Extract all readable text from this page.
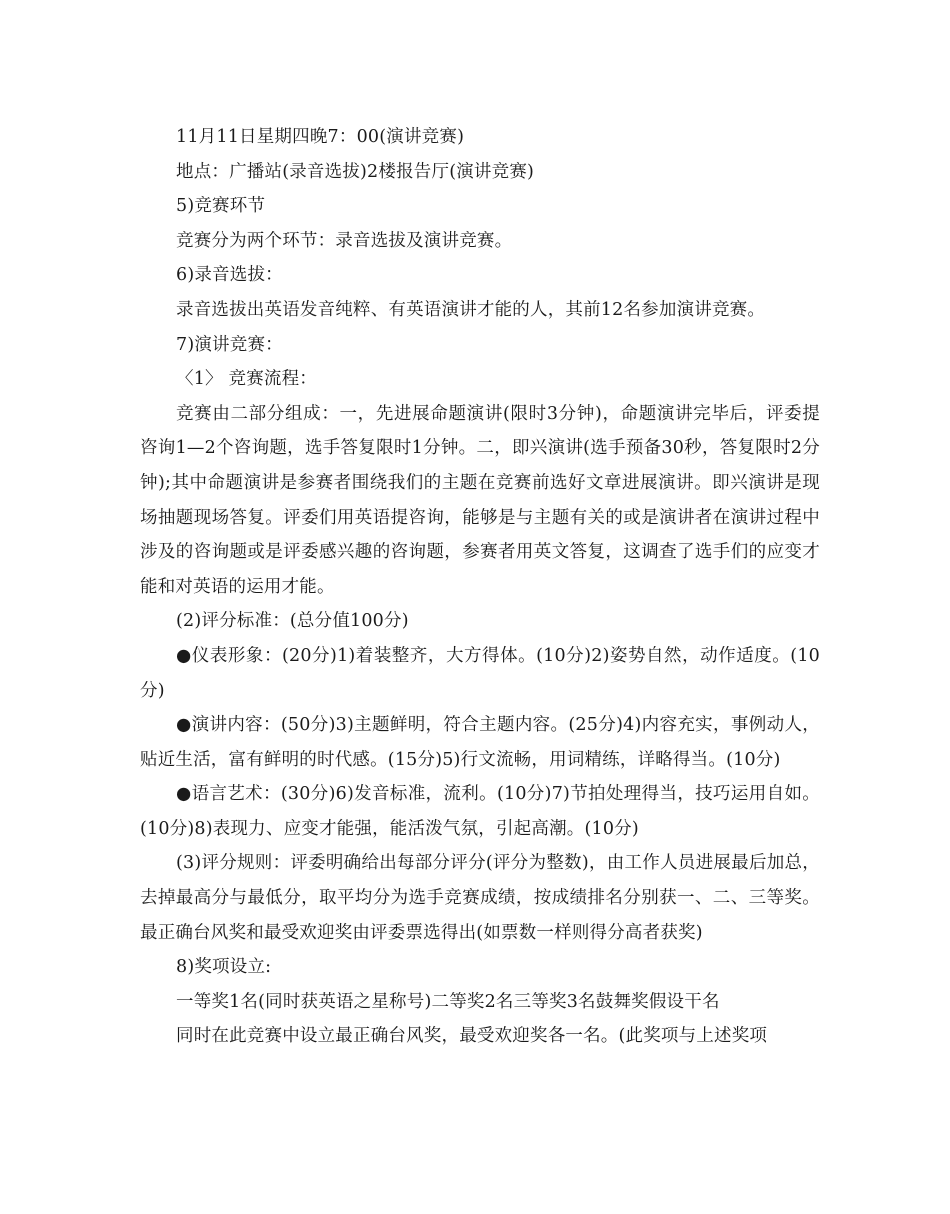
11月11日星期四晚7：00(演讲竞赛)

地点：广播站(录音选拔)2楼报告厅(演讲竞赛)

5)竞赛环节

竞赛分为两个环节：录音选拔及演讲竞赛。

6)录音选拔：

录音选拔出英语发音纯粹、有英语演讲才能的人，其前12名参加演讲竞赛。

7)演讲竞赛：

〈1〉 竞赛流程：

竞赛由二部分组成：一，先进展命题演讲(限时3分钟)，命题演讲完毕后，评委提咨询1—2个咨询题，选手答复限时1分钟。二，即兴演讲(选手预备30秒，答复限时2分钟);其中命题演讲是参赛者围绕我们的主题在竞赛前选好文章进展演讲。即兴演讲是现场抽题现场答复。评委们用英语提咨询，能够是与主题有关的或是演讲者在演讲过程中涉及的咨询题或是评委感兴趣的咨询题，参赛者用英文答复，这调查了选手们的应变才能和对英语的运用才能。

(2)评分标准：(总分值100分)

●仪表形象：(20分)1)着装整齐，大方得体。(10分)2)姿势自然，动作适度。(10分)

●演讲内容：(50分)3)主题鲜明，符合主题内容。(25分)4)内容充实，事例动人，贴近生活，富有鲜明的时代感。(15分)5)行文流畅，用词精练，详略得当。(10分)

●语言艺术：(30分)6)发音标准，流利。(10分)7)节拍处理得当，技巧运用自如。(10分)8)表现力、应变才能强，能活泼气氛，引起高潮。(10分)

(3)评分规则：评委明确给出每部分评分(评分为整数)，由工作人员进展最后加总，去掉最高分与最低分，取平均分为选手竞赛成绩，按成绩排名分别获一、二、三等奖。最正确台风奖和最受欢迎奖由评委票选得出(如票数一样则得分高者获奖)

8)奖项设立:

一等奖1名(同时获英语之星称号)二等奖2名三等奖3名鼓舞奖假设干名

同时在此竞赛中设立最正确台风奖，最受欢迎奖各一名。(此奖项与上述奖项
